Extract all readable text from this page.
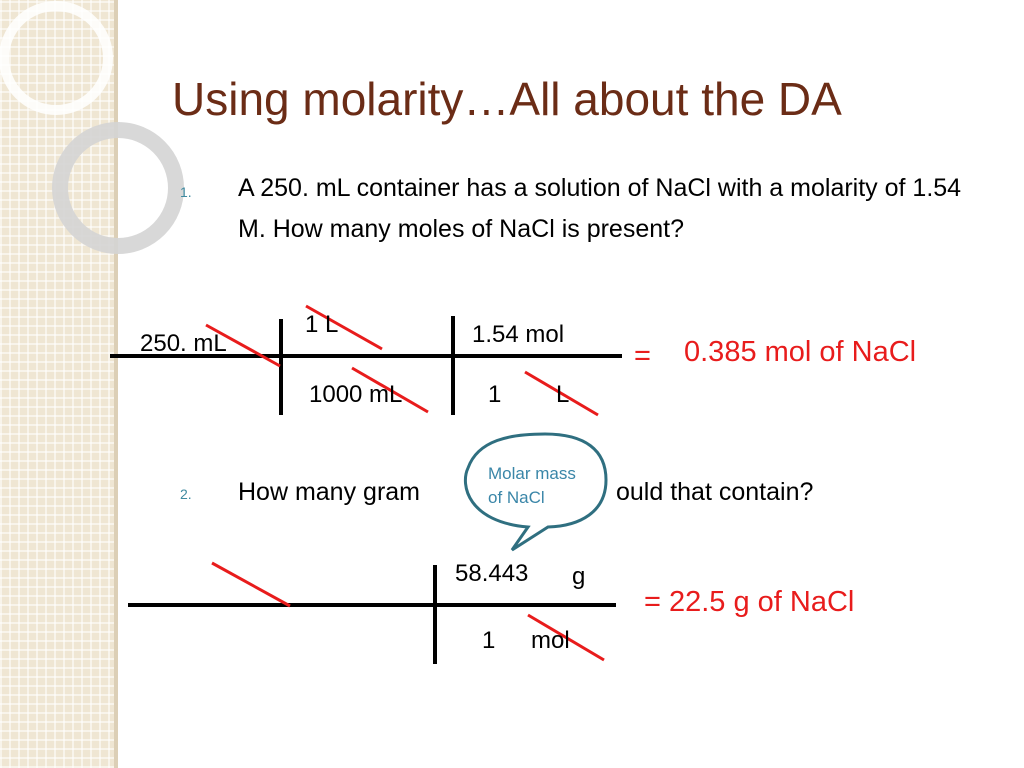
Using molarity…All about the DA
1. A 250. mL container has a solution of NaCl with a molarity of 1.54 M. How many moles of NaCl is present?
250. mL
1 L
1000 mL
1.54 mol
1 L
= 0.385 mol of NaCl
2. How many gram	ould that contain?
Molar mass
of NaCl
58.443 g
1 mol
= 22.5 g of NaCl
